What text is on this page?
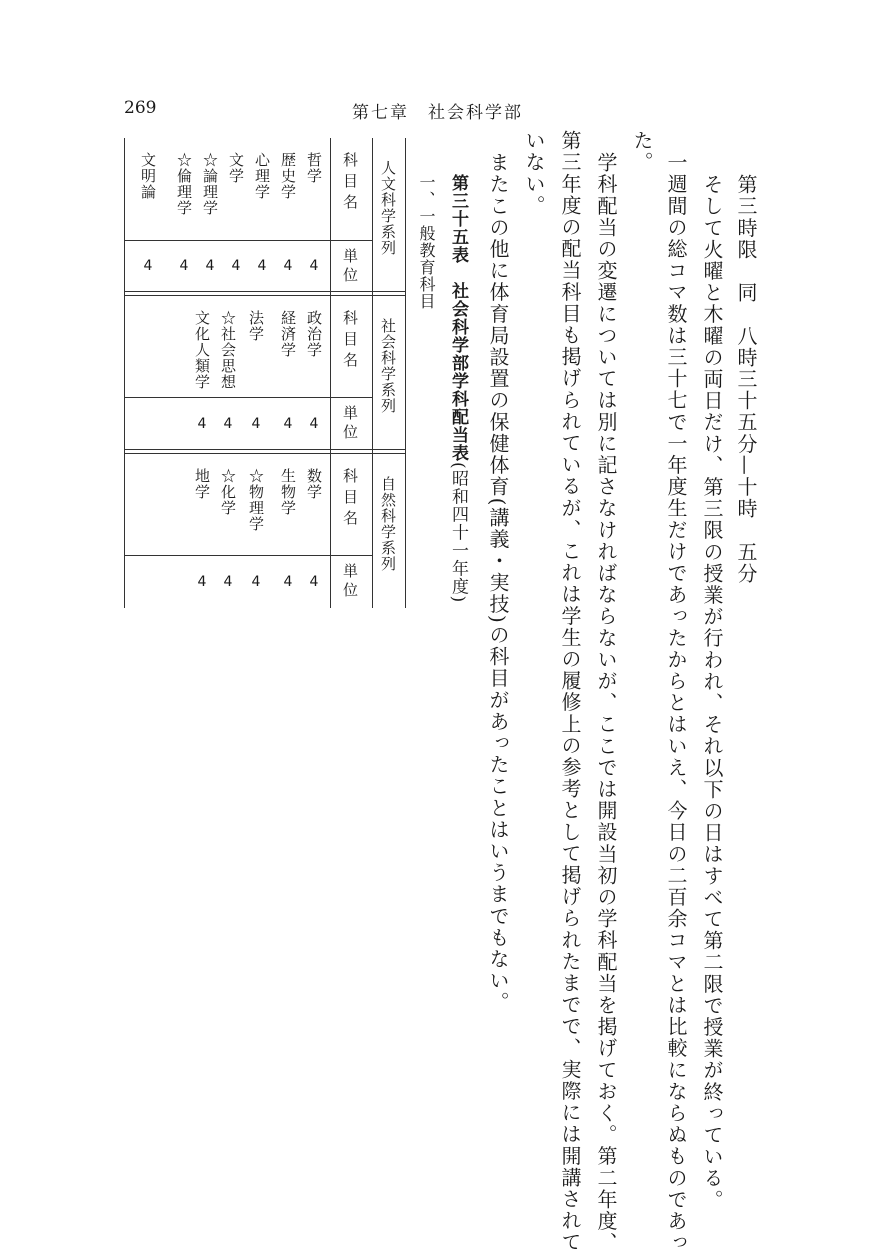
269	第七章　社会科学部
第三時限　同　八時三十五分—十時　五分
そして火曜と木曜の両日だけ、第三限の授業が行われ、それ以下の日はすべて第二限で授業が終っている。
一週間の総コマ数は三十七で一年度生だけであったからとはいえ、今日の二百余コマとは比較にならぬものであっ
た。
学科配当の変遷については別に記さなければならないが、ここでは開設当初の学科配当を掲げておく。第二年度、
第三年度の配当科目も掲げられているが、これは学生の履修上の参考として掲げられたまでで、実際には開講されて
いない。
またこの他に体育局設置の保健体育(講義・実技)の科目があったことはいうまでもない。
第三十五表　社会科学部学科配当表(昭和四十一年度)
一、一般教育科目
人文科学系列
科目名
単位
哲学
歴史学
心理学
文学
☆論理学
☆倫理学
文明論
4
4
4
4
4
4
4
社会科学系列
科目名
単位
政治学
経済学
法学
☆社会思想
文化人類学
4
4
4
4
4
自然科学系列
科目名
単位
数学
生物学
☆物理学
☆化学
地学
4
4
4
4
4
